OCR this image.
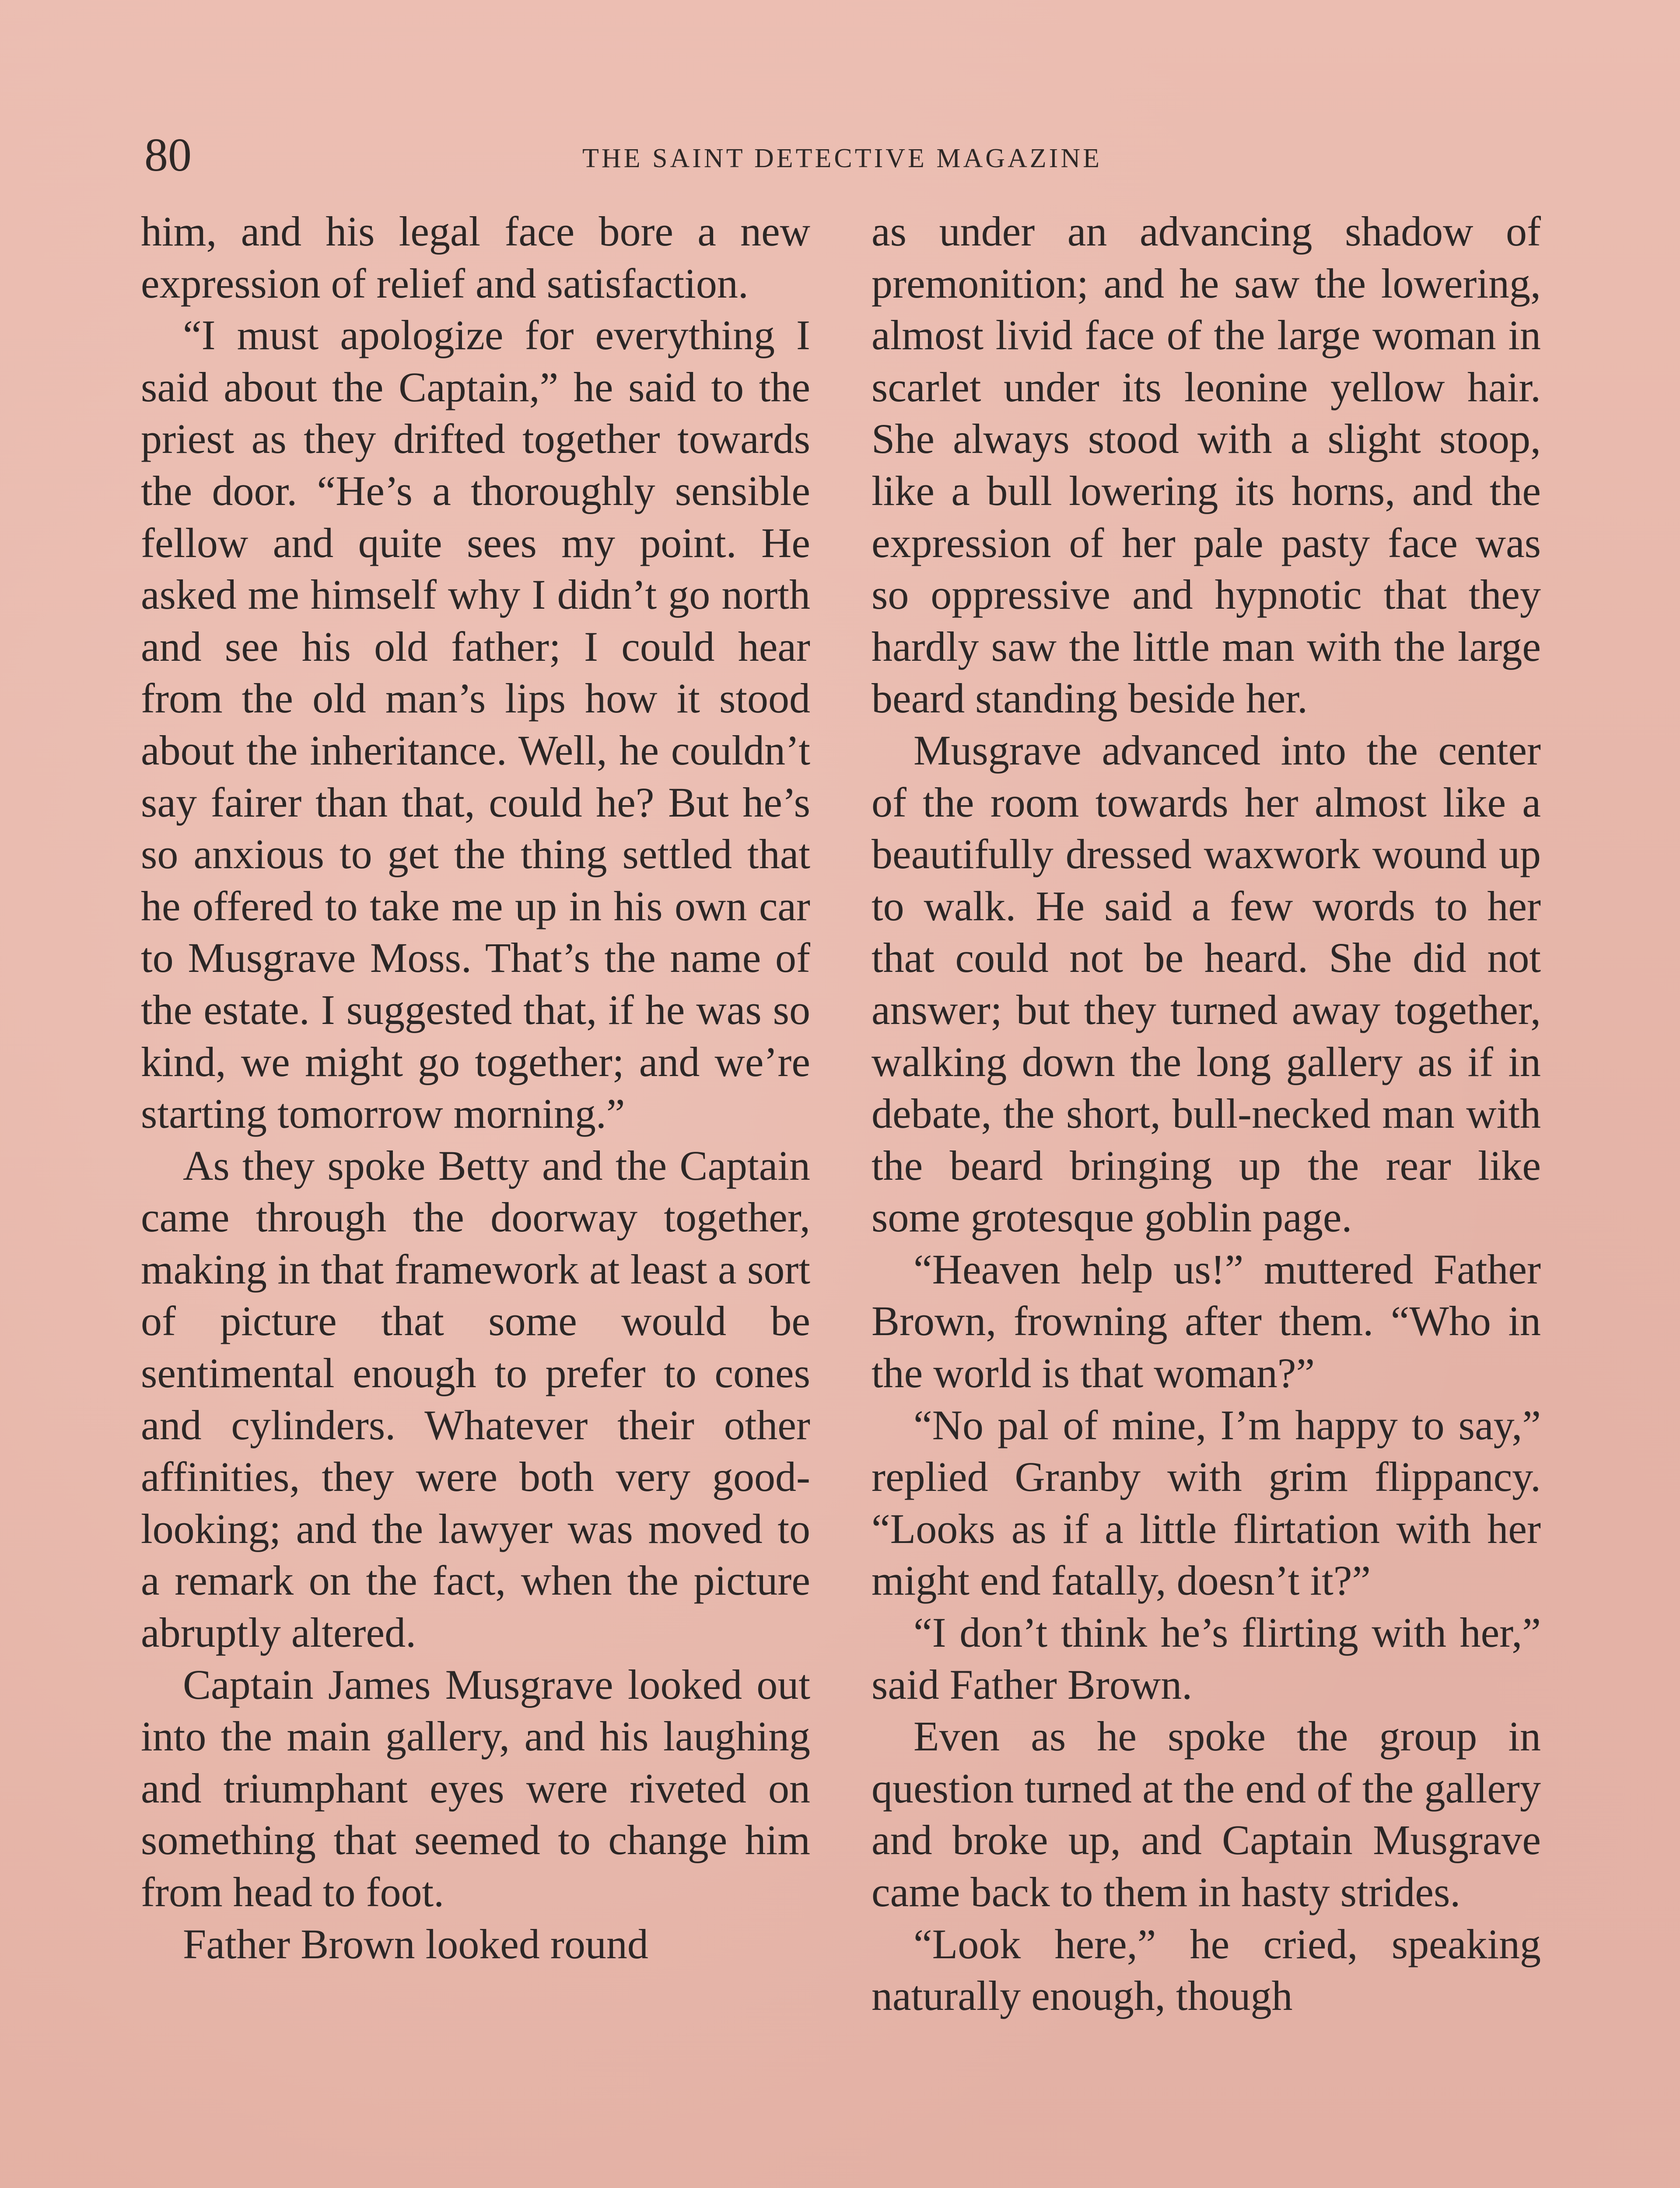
80	THE SAINT DETECTIVE MAGAZINE

him, and his legal face bore a new expression of relief and satisfaction.

“I must apologize for everything I said about the Captain,” he said to the priest as they drifted together towards the door. “He’s a thoroughly sensible fellow and quite sees my point. He asked me himself why I didn’t go north and see his old father; I could hear from the old man’s lips how it stood about the inheritance. Well, he couldn’t say fairer than that, could he? But he’s so anxious to get the thing settled that he offered to take me up in his own car to Musgrave Moss. That’s the name of the estate. I suggested that, if he was so kind, we might go together; and we’re starting tomorrow morning.”

As they spoke Betty and the Captain came through the doorway together, making in that framework at least a sort of picture that some would be sentimental enough to prefer to cones and cylinders. Whatever their other affinities, they were both very good-looking; and the lawyer was moved to a remark on the fact, when the picture abruptly altered.

Captain James Musgrave looked out into the main gallery, and his laughing and triumphant eyes were riveted on something that seemed to change him from head to foot.

Father Brown looked round

as under an advancing shadow of premonition; and he saw the lowering, almost livid face of the large woman in scarlet under its leonine yellow hair. She always stood with a slight stoop, like a bull lowering its horns, and the expression of her pale pasty face was so oppressive and hypnotic that they hardly saw the little man with the large beard standing beside her.

Musgrave advanced into the center of the room towards her almost like a beautifully dressed waxwork wound up to walk. He said a few words to her that could not be heard. She did not answer; but they turned away together, walking down the long gallery as if in debate, the short, bull-necked man with the beard bringing up the rear like some grotesque goblin page.

“Heaven help us!” muttered Father Brown, frowning after them. “Who in the world is that woman?”

“No pal of mine, I’m happy to say,” replied Granby with grim flippancy. “Looks as if a little flirtation with her might end fatally, doesn’t it?”

“I don’t think he’s flirting with her,” said Father Brown.

Even as he spoke the group in question turned at the end of the gallery and broke up, and Captain Musgrave came back to them in hasty strides.

“Look here,” he cried, speaking naturally enough, though
